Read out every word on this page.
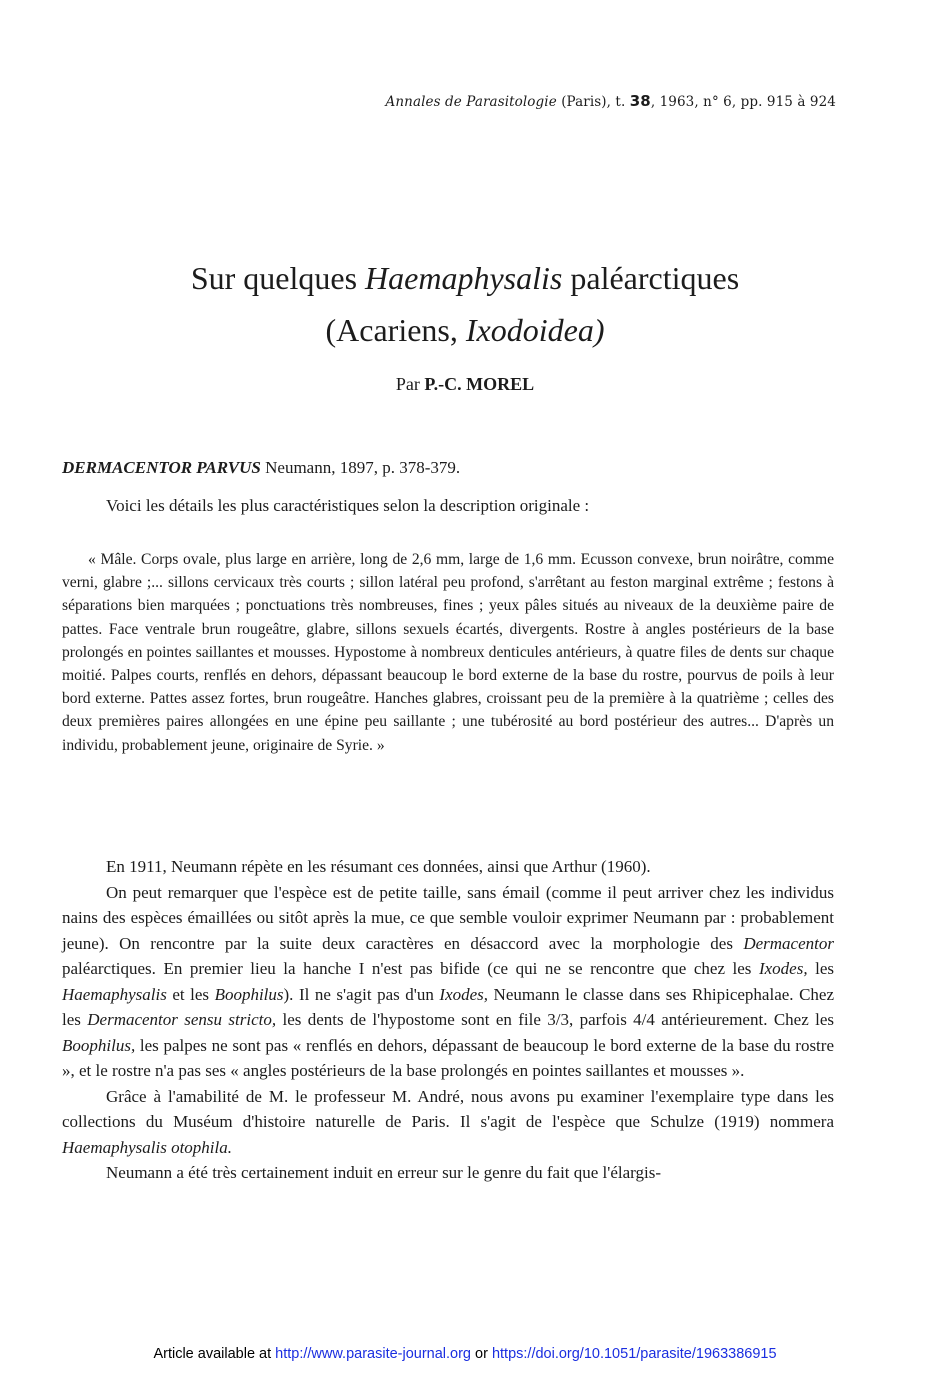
Annales de Parasitologie (Paris), t. 38, 1963, n° 6, pp. 915 à 924
Sur quelques Haemaphysalis paléarctiques
(Acariens, Ixodoidea)
Par P.-C. MOREL
DERMACENTOR PARVUS Neumann, 1897, p. 378-379.
Voici les détails les plus caractéristiques selon la description originale :
« Mâle. Corps ovale, plus large en arrière, long de 2,6 mm, large de 1,6 mm. Ecusson convexe, brun noirâtre, comme verni, glabre ;... sillons cervicaux très courts ; sillon latéral peu profond, s'arrêtant au feston marginal extrême ; festons à séparations bien marquées ; ponctuations très nombreuses, fines ; yeux pâles situés au niveaux de la deuxième paire de pattes. Face ventrale brun rougeâtre, glabre, sillons sexuels écartés, divergents. Rostre à angles postérieurs de la base prolongés en pointes saillantes et mousses. Hypostome à nombreux denticules antérieurs, à quatre files de dents sur chaque moitié. Palpes courts, renflés en dehors, dépassant beaucoup le bord externe de la base du rostre, pourvus de poils à leur bord externe. Pattes assez fortes, brun rougeâtre. Hanches glabres, croissant peu de la première à la quatrième ; celles des deux premières paires allongées en une épine peu saillante ; une tubérosité au bord postérieur des autres... D'après un individu, probablement jeune, originaire de Syrie. »

En 1911, Neumann répète en les résumant ces données, ainsi que Arthur (1960).

On peut remarquer que l'espèce est de petite taille, sans émail (comme il peut arriver chez les individus nains des espèces émaillées ou sitôt après la mue, ce que semble vouloir exprimer Neumann par : probablement jeune). On rencontre par la suite deux caractères en désaccord avec la morphologie des Dermacentor paléarctiques. En premier lieu la hanche I n'est pas bifide (ce qui ne se rencontre que chez les Ixodes, les Haemaphysalis et les Boophilus). Il ne s'agit pas d'un Ixodes, Neumann le classe dans ses Rhipicephalae. Chez les Dermacentor sensu stricto, les dents de l'hypostome sont en file 3/3, parfois 4/4 antérieurement. Chez les Boophilus, les palpes ne sont pas « renflés en dehors, dépassant de beaucoup le bord externe de la base du rostre », et le rostre n'a pas ses « angles postérieurs de la base prolongés en pointes saillantes et mousses ».

Grâce à l'amabilité de M. le professeur M. André, nous avons pu examiner l'exemplaire type dans les collections du Muséum d'histoire naturelle de Paris. Il s'agit de l'espèce que Schulze (1919) nommera Haemaphysalis otophila.

Neumann a été très certainement induit en erreur sur le genre du fait que l'élargis-

Article available at http://www.parasite-journal.org or https://doi.org/10.1051/parasite/1963386915
